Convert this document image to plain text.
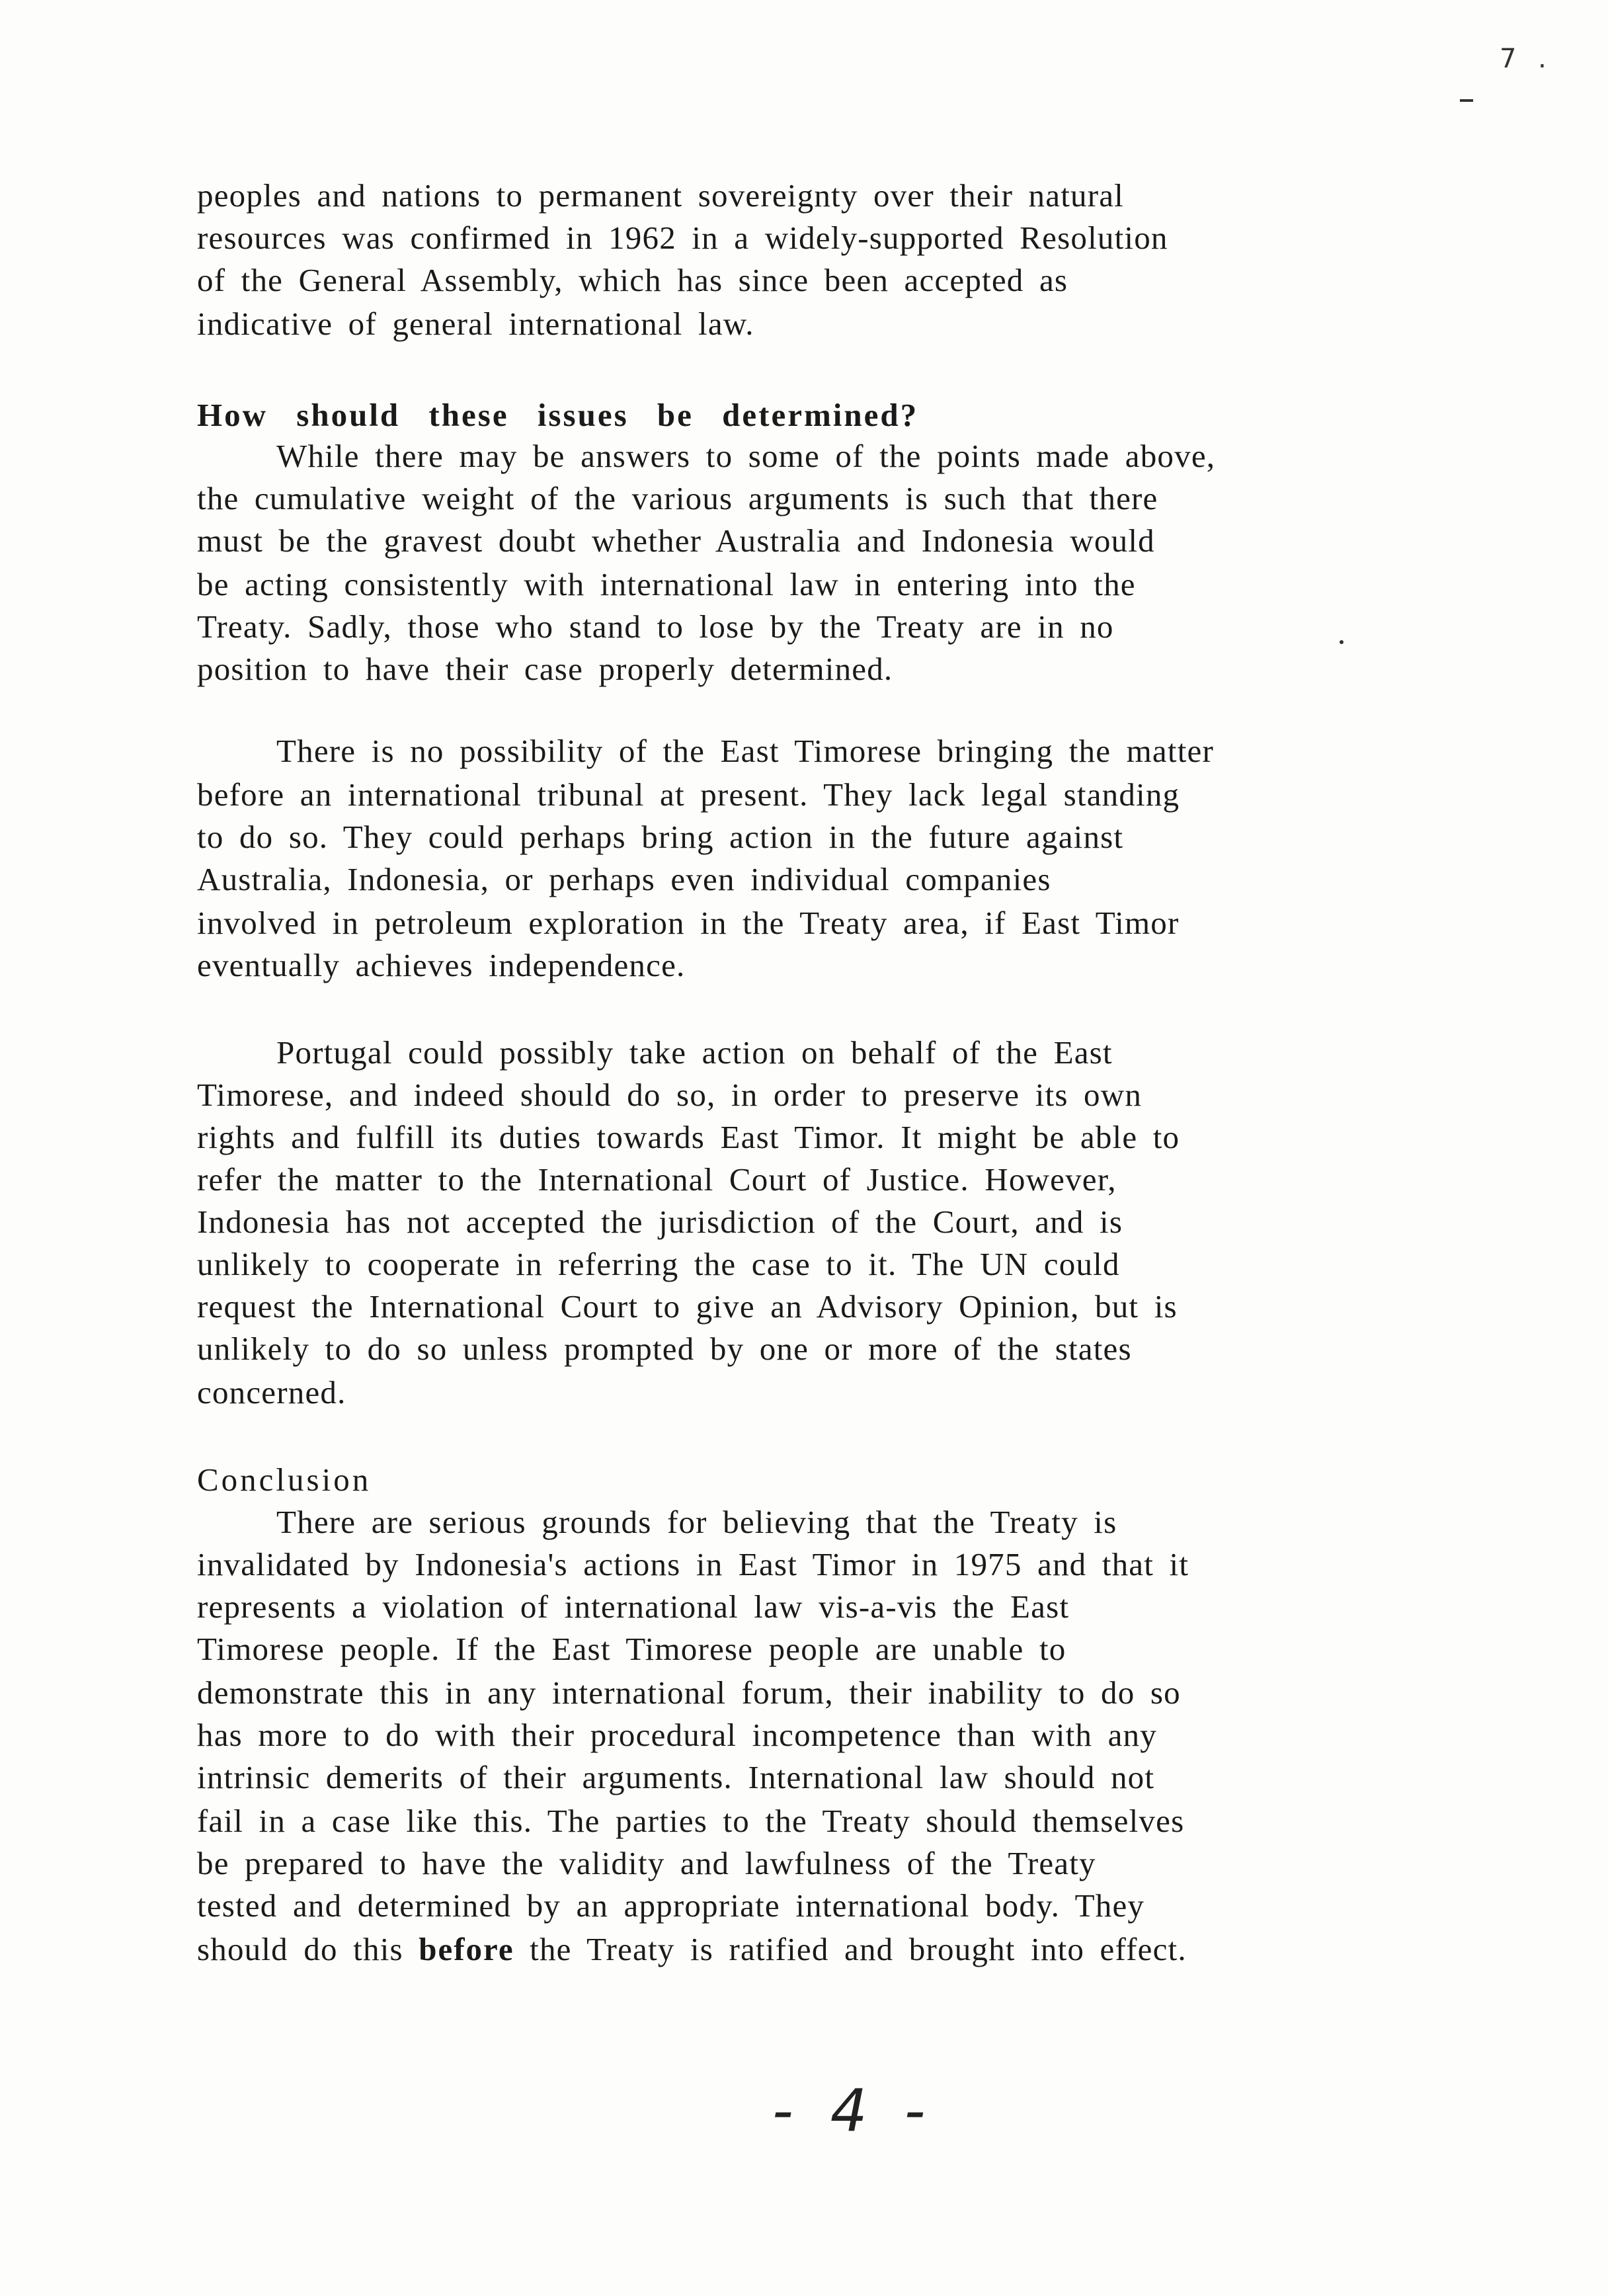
7 .
peoples and nations to permanent sovereignty over their natural
resources was confirmed in 1962 in a widely-supported Resolution
of the General Assembly, which has since been accepted as
indicative of general international law.
How should these issues be determined?
While there may be answers to some of the points made above,
the cumulative weight of the various arguments is such that there
must be the gravest doubt whether Australia and Indonesia would
be acting consistently with international law in entering into the
Treaty. Sadly, those who stand to lose by the Treaty are in no
position to have their case properly determined.
There is no possibility of the East Timorese bringing the matter
before an international tribunal at present. They lack legal standing
to do so. They could perhaps bring action in the future against
Australia, Indonesia, or perhaps even individual companies
involved in petroleum exploration in the Treaty area, if East Timor
eventually achieves independence.
Portugal could possibly take action on behalf of the East
Timorese, and indeed should do so, in order to preserve its own
rights and fulfill its duties towards East Timor. It might be able to
refer the matter to the International Court of Justice. However,
Indonesia has not accepted the jurisdiction of the Court, and is
unlikely to cooperate in referring the case to it. The UN could
request the International Court to give an Advisory Opinion, but is
unlikely to do so unless prompted by one or more of the states
concerned.
Conclusion
There are serious grounds for believing that the Treaty is
invalidated by Indonesia's actions in East Timor in 1975 and that it
represents a violation of international law vis-a-vis the East
Timorese people. If the East Timorese people are unable to
demonstrate this in any international forum, their inability to do so
has more to do with their procedural incompetence than with any
intrinsic demerits of their arguments. International law should not
fail in a case like this. The parties to the Treaty should themselves
be prepared to have the validity and lawfulness of the Treaty
tested and determined by an appropriate international body. They
should do this before the Treaty is ratified and brought into effect.
- 4 -
